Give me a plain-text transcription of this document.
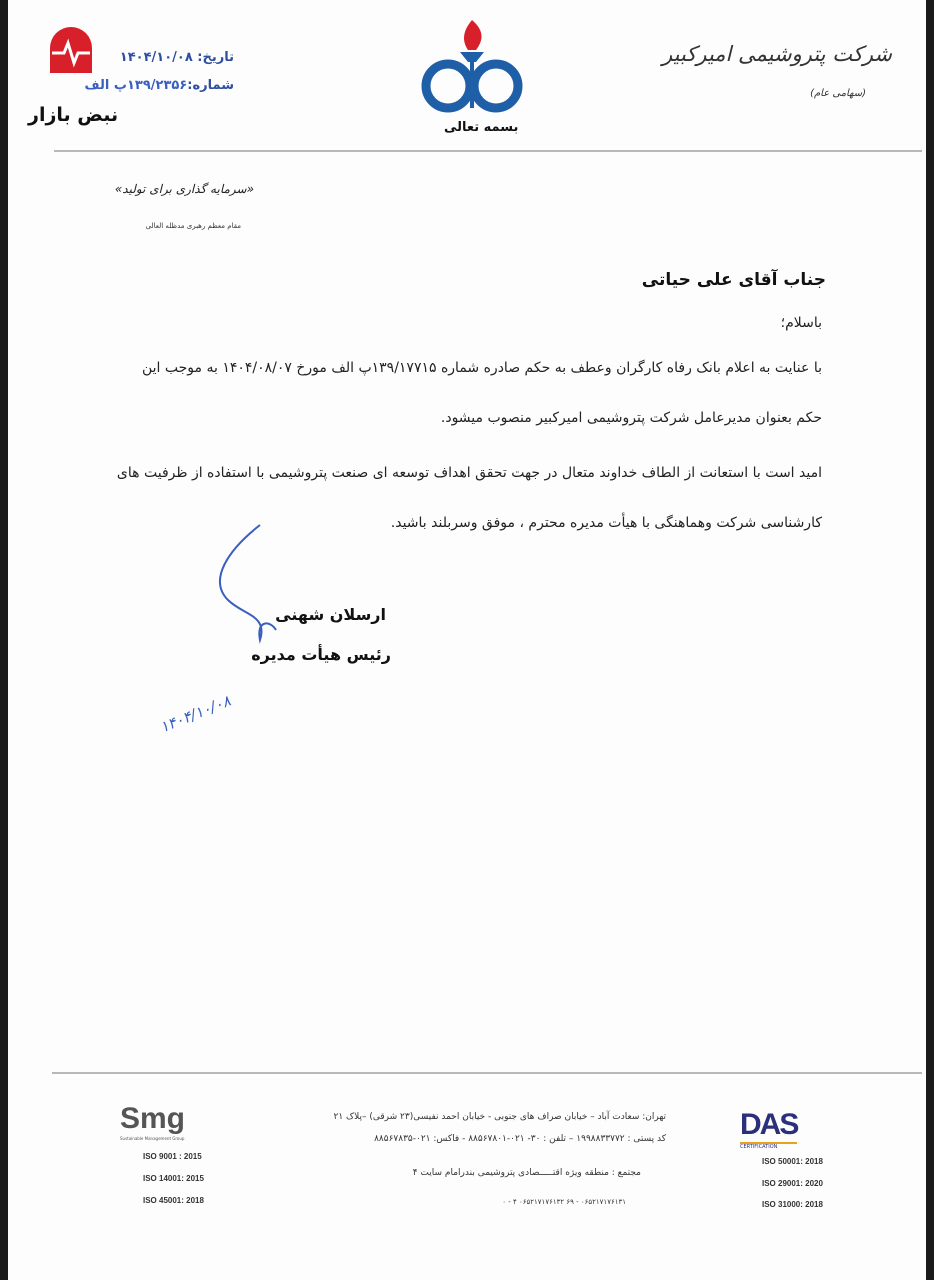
نبض بازار
تاریخ: ۱۴۰۴/۱۰/۰۸
شماره:۱۳۹/۲۳۵۶پ الف
بسمه تعالی
شرکت پتروشیمی امیرکبیر
(سهامی عام)
«سرمایه گذاری برای تولید»
مقام معظم رهبری مدظله العالی
جناب آقای علی حیاتی
باسلام؛
با عنایت به اعلام بانک رفاه کارگران وعطف به حکم صادره شماره ۱۳۹/۱۷۷۱۵پ الف مورخ ۱۴۰۴/۰۸/۰۷ به موجب این
حکم بعنوان مدیرعامل شرکت پتروشیمی امیرکبیر منصوب میشود.
امید است با استعانت از الطاف خداوند متعال در جهت تحقق اهداف توسعه ای صنعت پتروشیمی با استفاده از ظرفیت های
کارشناسی شرکت وهماهنگی با هیأت مدیره محترم ، موفق وسربلند باشید.
ارسلان شهنی
رئیس هیأت مدیره
۱۴۰۴/۱۰/۰۸
Smg
Sustainable Management Group
ISO 9001 : 2015
ISO 14001: 2015
ISO 45001: 2018
تهران: سعادت آباد – خیابان صراف های جنوبی - خیابان احمد نفیسی(۲۳ شرقی) –پلاک ۲۱
کد پستی : ۱۹۹۸۸۳۳۷۷۲ – تلفن : ۳۰- ۰۲۱-۸۸۵۶۷۸۰۱ - فاکس: ۰۲۱-۸۸۵۶۷۸۳۵
مجتمع : منطقه ویژه اقتـــــصادی پتروشیمی بندرامام سایت ۴
۰۶۵۲۱۷۱۷۶۱۳۱ - ۶۹ ۰۶۵۲۱۷۱۷۶۱۳۲ ۴ - ۰
DAS
CERTIFICATION
ISO 50001: 2018
ISO 29001: 2020
ISO 31000: 2018
